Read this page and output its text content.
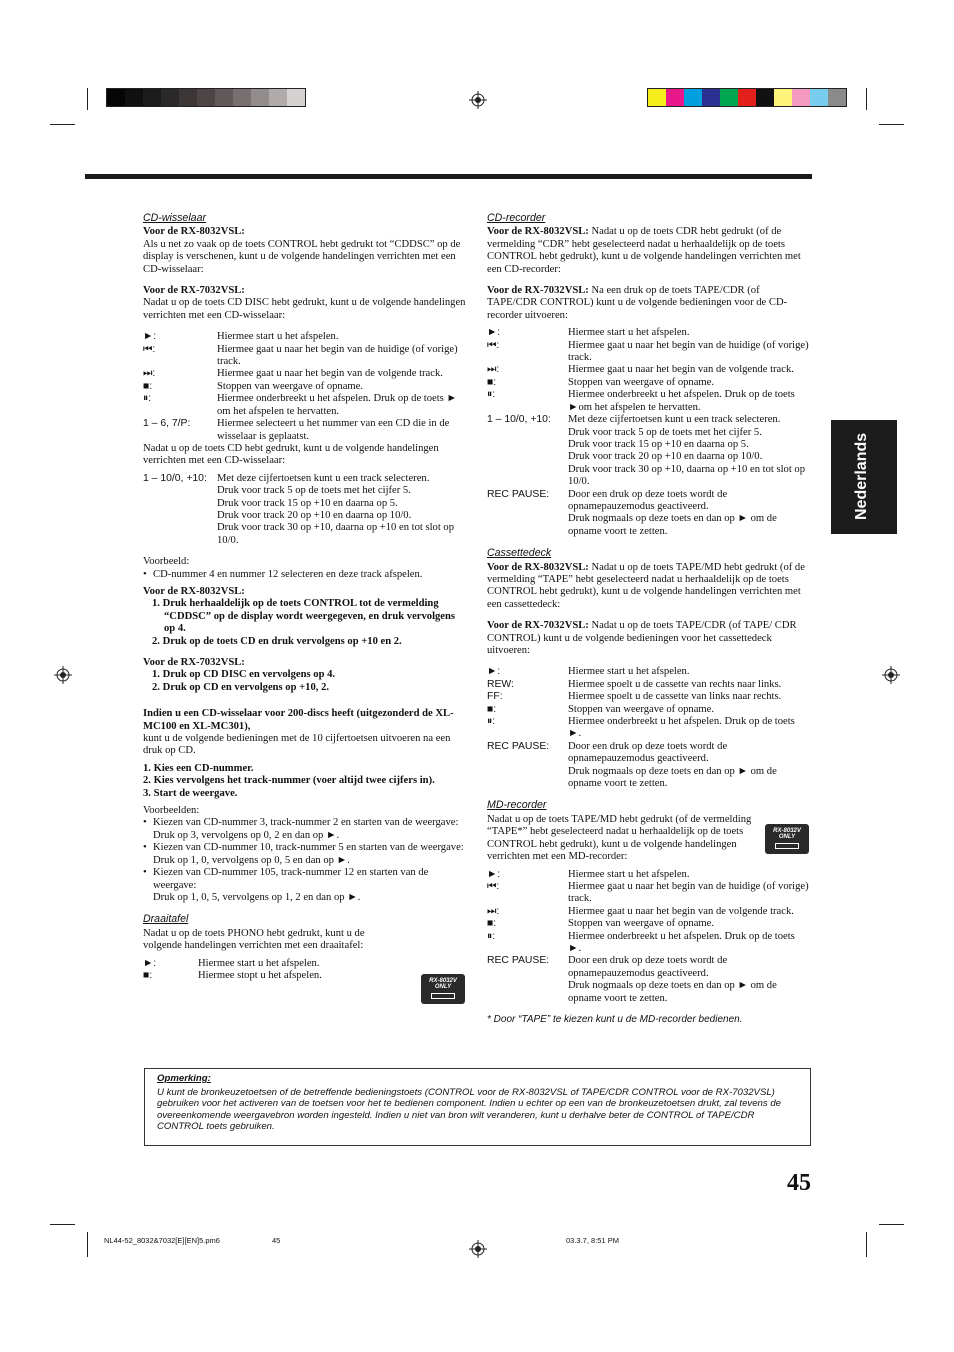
Nederlands

CD-wisselaar

Voor de RX-8032VSL:

Als u net zo vaak op de toets CONTROL hebt gedrukt tot “CDDSC” op de display is verschenen, kunt u de volgende handelingen verrichten met een CD-wisselaar:

Voor de RX-7032VSL:

Nadat u op de toets CD DISC hebt gedrukt, kunt u de volgende handelingen verrichten met een CD-wisselaar:

►:	Hiermee start u het afspelen.
⏮:	Hiermee gaat u naar het begin van de huidige (of vorige) track.
⏭:	Hiermee gaat u naar het begin van de volgende track.
■:	Stoppen van weergave of opname.
⏸:	Hiermee onderbreekt u het afspelen. Druk op de toets ► om het afspelen te hervatten.
1 – 6, 7/P:	Hiermee selecteert u het nummer van een CD die in de wisselaar is geplaatst.

Nadat u op de toets CD hebt gedrukt, kunt u de volgende handelingen verrichten met een CD-wisselaar:

1 – 10/0, +10: Met deze cijfertoetsen kunt u een track selecteren.

Druk voor track 5 op de toets met het cijfer 5.

Druk voor track 15 op +10 en daarna op 5.

Druk voor track 20 op +10 en daarna op 10/0.

Druk voor track 30 op +10, daarna op +10 en tot slot op 10/0.

Voorbeeld:

• CD-nummer 4 en nummer 12 selecteren en deze track afspelen.

Voor de RX-8032VSL:

1. Druk herhaaldelijk op de toets CONTROL tot de vermelding “CDDSC” op de display wordt weergegeven, en druk vervolgens op 4.

2. Druk op de toets CD en druk vervolgens op +10 en 2.

Voor de RX-7032VSL:

1. Druk op CD DISC en vervolgens op 4.

2. Druk op CD en vervolgens op +10, 2.

Indien u een CD-wisselaar voor 200-discs heeft (uitgezonderd de XL-MC100 en XL-MC301),

kunt u de volgende bedieningen met de 10 cijfertoetsen uitvoeren na een druk op CD.

1. Kies een CD-nummer.

2. Kies vervolgens het track-nummer (voer altijd twee cijfers in).

3. Start de weergave.

Voorbeelden:

• Kiezen van CD-nummer 3, track-nummer 2 en starten van de weergave:
Druk op 3, vervolgens op 0, 2 en dan op ►.
• Kiezen van CD-nummer 10, track-nummer 5 en starten van de weergave:
Druk op 1, 0, vervolgens op 0, 5 en dan op ►.
• Kiezen van CD-nummer 105, track-nummer 12 en starten van de weergave:
Druk op 1, 0, 5, vervolgens op 1, 2 en dan op ►.

Draaitafel

Nadat u op de toets PHONO hebt gedrukt, kunt u de volgende handelingen verrichten met een draaitafel:

►:	Hiermee start u het afspelen.
■:	Hiermee stopt u het afspelen.
RX-8032V ONLY

CD-recorder

Voor de RX-8032VSL: Nadat u op de toets CDR hebt gedrukt (of de vermelding “CDR” hebt geselecteerd nadat u herhaaldelijk op de toets CONTROL hebt gedrukt), kunt u de volgende handelingen verrichten met een CD-recorder:

Voor de RX-7032VSL: Na een druk op de toets TAPE/CDR (of TAPE/CDR CONTROL) kunt u de volgende bedieningen voor de CD-recorder uitvoeren:

►:	Hiermee start u het afspelen.
⏮:	Hiermee gaat u naar het begin van de huidige (of vorige) track.
⏭:	Hiermee gaat u naar het begin van de volgende track.
■:	Stoppen van weergave of opname.
⏸:	Hiermee onderbreekt u het afspelen. Druk op de toets ►om het afspelen te hervatten.
1 – 10/0, +10:	Met deze cijfertoetsen kunt u een track selecteren.

Druk voor track 5 op de toets met het cijfer 5.

Druk voor track 15 op +10 en daarna op 5.

Druk voor track 20 op +10 en daarna op 10/0.

Druk voor track 30 op +10, daarna op +10 en tot slot op 10/0.

REC PAUSE:	Door een druk op deze toets wordt de opnamepauzemodus geactiveerd.

Druk nogmaals op deze toets en dan op ► om de opname voort te zetten.

Cassettedeck

Voor de RX-8032VSL: Nadat u op de toets TAPE/MD hebt gedrukt (of de vermelding “TAPE” hebt geselecteerd nadat u herhaaldelijk op de toets CONTROL hebt gedrukt), kunt u de volgende handelingen verrichten met een cassettedeck:

Voor de RX-7032VSL: Nadat u op de toets TAPE/CDR (of TAPE/ CDR CONTROL) kunt u de volgende bedieningen voor het cassettedeck uitvoeren:

►:	Hiermee start u het afspelen.
REW:	Hiermee spoelt u de cassette van rechts naar links.
FF:	Hiermee spoelt u de cassette van links naar rechts.
■:	Stoppen van weergave of opname.
⏸:	Hiermee onderbreekt u het afspelen. Druk op de toets ►.
REC PAUSE:	Door een druk op deze toets wordt de opnamepauzemodus geactiveerd.

Druk nogmaals op deze toets en dan op ► om de opname voort te zetten.

MD-recorder

Nadat u op de toets TAPE/MD hebt gedrukt (of de vermelding “TAPE*” hebt geselecteerd nadat u herhaaldelijk op de toets CONTROL hebt gedrukt), kunt u de volgende handelingen verrichten met een MD-recorder:

►:	Hiermee start u het afspelen.
⏮:	Hiermee gaat u naar het begin van de huidige (of vorige) track.
⏭:	Hiermee gaat u naar het begin van de volgende track.
■:	Stoppen van weergave of opname.
⏸:	Hiermee onderbreekt u het afspelen. Druk op de toets ►.
REC PAUSE:	Door een druk op deze toets wordt de opnamepauzemodus geactiveerd.

Druk nogmaals op deze toets en dan op ► om de opname voort te zetten.

* Door “TAPE” te kiezen kunt u de MD-recorder bedienen.

RX-8032V ONLY

Opmerking:

U kunt de bronkeuzetoetsen of de betreffende bedieningstoets (CONTROL voor de RX-8032VSL of TAPE/CDR CONTROL voor de RX-7032VSL) gebruiken voor het activeren van de toetsen voor het te bedienen component. Indien u echter op een van de bronkeuzetoetsen drukt, zal tevens de overeenkomende weergavebron worden ingesteld. Indien u niet van bron wilt veranderen, kunt u derhalve beter de CONTROL of TAPE/CDR CONTROL toets gebruiken.

45
NL44-52_8032&7032[E][EN]5.pm6	45	03.3.7, 8:51 PM
